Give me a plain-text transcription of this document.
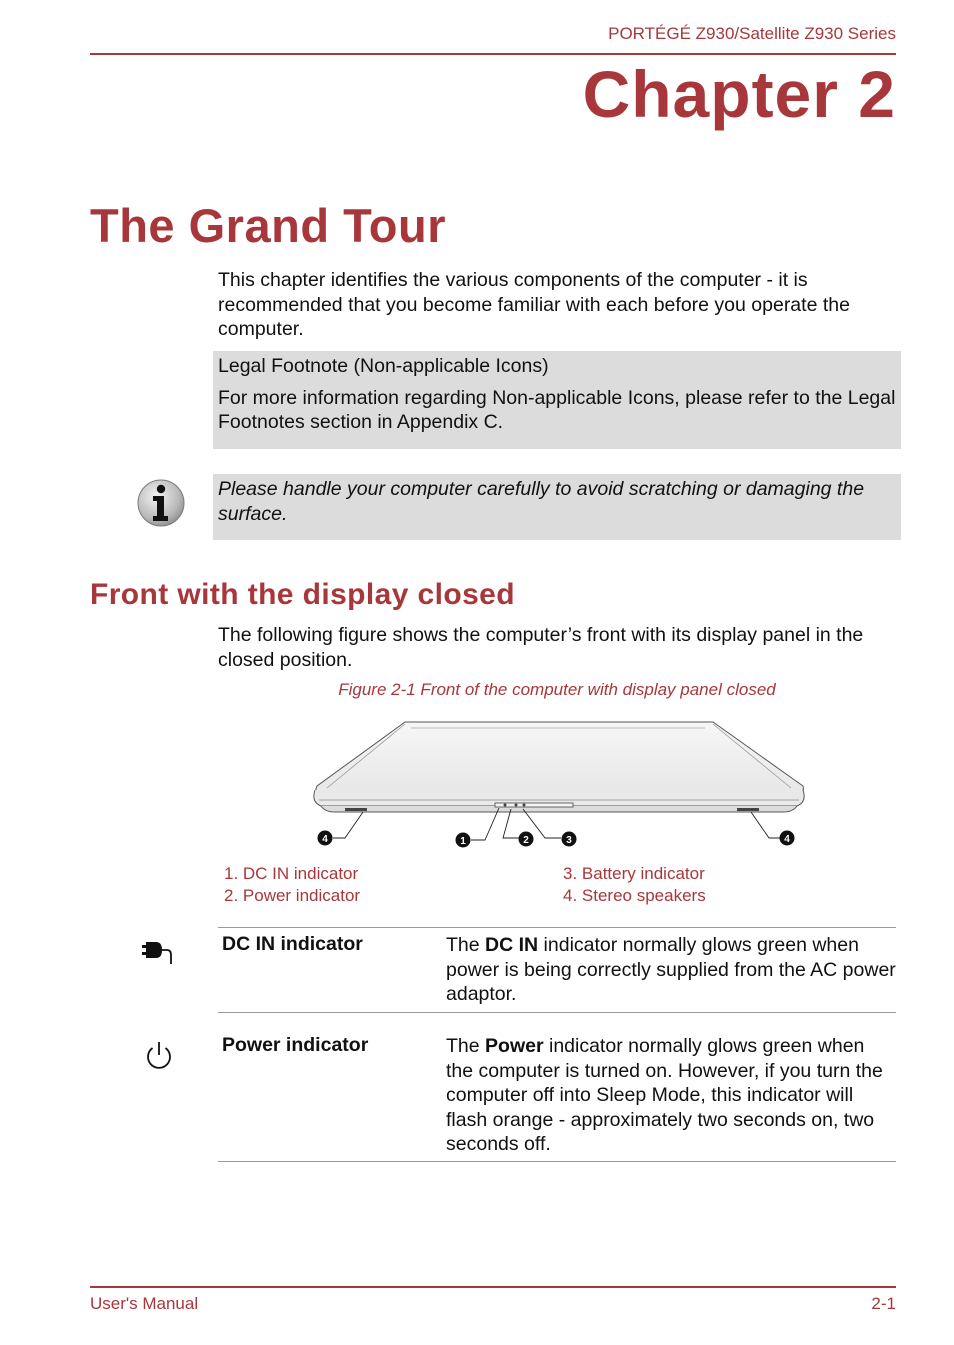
PORTÉGÉ Z930/Satellite Z930 Series
Chapter 2
The Grand Tour
This chapter identifies the various components of the computer - it is recommended that you become familiar with each before you operate the computer.

Legal Footnote (Non-applicable Icons)

For more information regarding Non-applicable Icons, please refer to the Legal Footnotes section in Appendix C.

Please handle your computer carefully to avoid scratching or damaging the surface.

Front with the display closed
The following figure shows the computer’s front with its display panel in the closed position.
Figure 2-1 Front of the computer with display panel closed
4	1	2	3	4
1. DC IN indicator
2. Power indicator
3. Battery indicator
4. Stereo speakers
DC IN indicator	The DC IN indicator normally glows green when power is being correctly supplied from the AC power adaptor.
Power indicator	The Power indicator normally glows green when the computer is turned on. However, if you turn the computer off into Sleep Mode, this indicator will flash orange - approximately two seconds on, two seconds off.
User's Manual	2-1
